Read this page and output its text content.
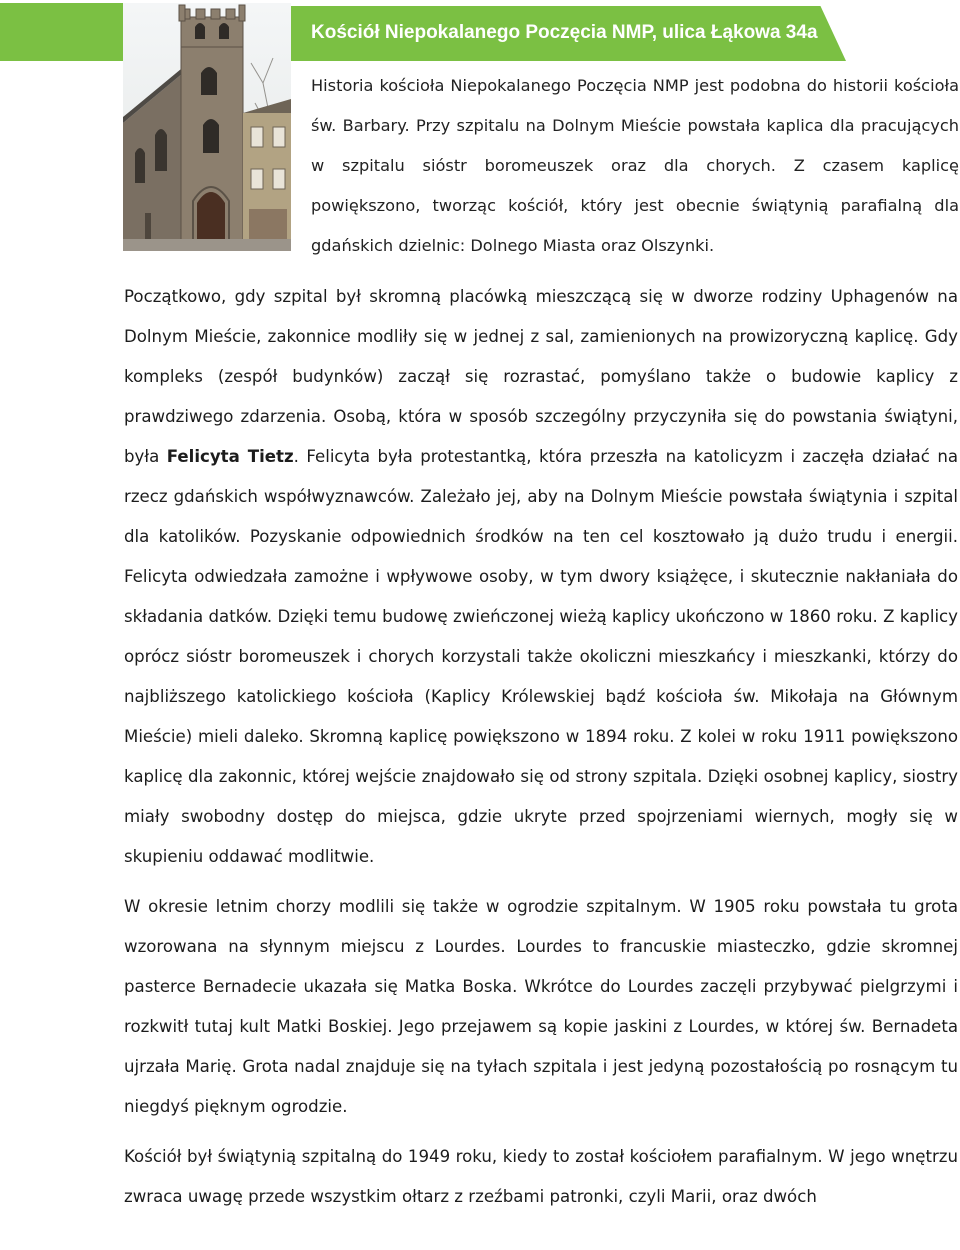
Kościół Niepokalanego Poczęcia NMP, ulica Łąkowa 34a

Historia kościoła Niepokalanego Poczęcia NMP jest podobna do historii kościoła św. Barbary. Przy szpitalu na Dolnym Mieście powstała kaplica dla pracujących w szpitalu sióstr boromeuszek oraz dla chorych. Z czasem kaplicę powiększono, tworząc kościół, który jest obecnie świątynią parafialną dla gdańskich dzielnic: Dolnego Miasta oraz Olszynki.

Początkowo, gdy szpital był skromną placówką mieszczącą się w dworze rodziny Uphagenów na Dolnym Mieście, zakonnice modliły się w jednej z sal, zamienionych na prowizoryczną kaplicę. Gdy kompleks (zespół budynków) zaczął się rozrastać, pomyślano także o budowie kaplicy z prawdziwego zdarzenia. Osobą, która w sposób szczególny przyczyniła się do powstania świątyni, była Felicyta Tietz. Felicyta była protestantką, która przeszła na katolicyzm i zaczęła działać na rzecz gdańskich współwyznawców. Zależało jej, aby na Dolnym Mieście powstała świątynia i szpital dla katolików. Pozyskanie odpowiednich środków na ten cel kosztowało ją dużo trudu i energii. Felicyta odwiedzała zamożne i wpływowe osoby, w tym dwory książęce, i skutecznie nakłaniała do składania datków. Dzięki temu budowę zwieńczonej wieżą kaplicy ukończono w 1860 roku. Z kaplicy oprócz sióstr boromeuszek i chorych korzystali także okoliczni mieszkańcy i mieszkanki, którzy do najbliższego katolickiego kościoła (Kaplicy Królewskiej bądź kościoła św. Mikołaja na Głównym Mieście) mieli daleko. Skromną kaplicę powiększono w 1894 roku. Z kolei w roku 1911 powiększono kaplicę dla zakonnic, której wejście znajdowało się od strony szpitala. Dzięki osobnej kaplicy, siostry miały swobodny dostęp do miejsca, gdzie ukryte przed spojrzeniami wiernych, mogły się w skupieniu oddawać modlitwie.

W okresie letnim chorzy modlili się także w ogrodzie szpitalnym. W 1905 roku powstała tu grota wzorowana na słynnym miejscu z Lourdes. Lourdes to francuskie miasteczko, gdzie skromnej pasterce Bernadecie ukazała się Matka Boska. Wkrótce do Lourdes zaczęli przybywać pielgrzymi i rozkwitł tutaj kult Matki Boskiej. Jego przejawem są kopie jaskini z Lourdes, w której św. Bernadeta ujrzała Marię. Grota nadal znajduje się na tyłach szpitala i jest jedyną pozostałością po rosnącym tu niegdyś pięknym ogrodzie.

Kościół był świątynią szpitalną do 1949 roku, kiedy to został kościołem parafialnym. W jego wnętrzu zwraca uwagę przede wszystkim ołtarz z rzeźbami patronki, czyli Marii, oraz dwóch
